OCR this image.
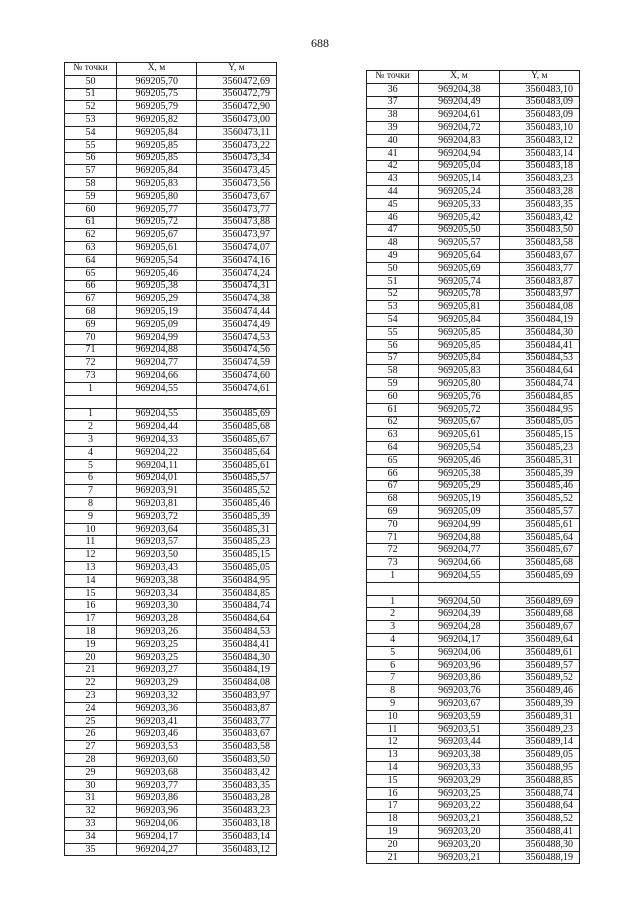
688
№ точки	X, м	Y, м
50	969205,70	3560472,69
51	969205,75	3560472,79
52	969205,79	3560472,90
53	969205,82	3560473,00
54	969205,84	3560473,11
55	969205,85	3560473,22
56	969205,85	3560473,34
57	969205,84	3560473,45
58	969205,83	3560473,56
59	969205,80	3560473,67
60	969205,77	3560473,77
61	969205,72	3560473,88
62	969205,67	3560473,97
63	969205,61	3560474,07
64	969205,54	3560474,16
65	969205,46	3560474,24
66	969205,38	3560474,31
67	969205,29	3560474,38
68	969205,19	3560474,44
69	969205,09	3560474,49
70	969204,99	3560474,53
71	969204,88	3560474,56
72	969204,77	3560474,59
73	969204,66	3560474,60
1	969204,55	3560474,61

1	969204,55	3560485,69
2	969204,44	3560485,68
3	969204,33	3560485,67
4	969204,22	3560485,64
5	969204,11	3560485,61
6	969204,01	3560485,57
7	969203,91	3560485,52
8	969203,81	3560485,46
9	969203,72	3560485,39
10	969203,64	3560485,31
11	969203,57	3560485,23
12	969203,50	3560485,15
13	969203,43	3560485,05
14	969203,38	3560484,95
15	969203,34	3560484,85
16	969203,30	3560484,74
17	969203,28	3560484,64
18	969203,26	3560484,53
19	969203,25	3560484,41
20	969203,25	3560484,30
21	969203,27	3560484,19
22	969203,29	3560484,08
23	969203,32	3560483,97
24	969203,36	3560483,87
25	969203,41	3560483,77
26	969203,46	3560483,67
27	969203,53	3560483,58
28	969203,60	3560483,50
29	969203,68	3560483,42
30	969203,77	3560483,35
31	969203,86	3560483,28
32	969203,96	3560483,23
33	969204,06	3560483,18
34	969204,17	3560483,14
35	969204,27	3560483,12
№ точки	X, м	Y, м
36	969204,38	3560483,10
37	969204,49	3560483,09
38	969204,61	3560483,09
39	969204,72	3560483,10
40	969204,83	3560483,12
41	969204,94	3560483,14
42	969205,04	3560483,18
43	969205,14	3560483,23
44	969205,24	3560483,28
45	969205,33	3560483,35
46	969205,42	3560483,42
47	969205,50	3560483,50
48	969205,57	3560483,58
49	969205,64	3560483,67
50	969205,69	3560483,77
51	969205,74	3560483,87
52	969205,78	3560483,97
53	969205,81	3560484,08
54	969205,84	3560484,19
55	969205,85	3560484,30
56	969205,85	3560484,41
57	969205,84	3560484,53
58	969205,83	3560484,64
59	969205,80	3560484,74
60	969205,76	3560484,85
61	969205,72	3560484,95
62	969205,67	3560485,05
63	969205,61	3560485,15
64	969205,54	3560485,23
65	969205,46	3560485,31
66	969205,38	3560485,39
67	969205,29	3560485,46
68	969205,19	3560485,52
69	969205,09	3560485,57
70	969204,99	3560485,61
71	969204,88	3560485,64
72	969204,77	3560485,67
73	969204,66	3560485,68
1	969204,55	3560485,69

1	969204,50	3560489,69
2	969204,39	3560489,68
3	969204,28	3560489,67
4	969204,17	3560489,64
5	969204,06	3560489,61
6	969203,96	3560489,57
7	969203,86	3560489,52
8	969203,76	3560489,46
9	969203,67	3560489,39
10	969203,59	3560489,31
11	969203,51	3560489,23
12	969203,44	3560489,14
13	969203,38	3560489,05
14	969203,33	3560488,95
15	969203,29	3560488,85
16	969203,25	3560488,74
17	969203,22	3560488,64
18	969203,21	3560488,52
19	969203,20	3560488,41
20	969203,20	3560488,30
21	969203,21	3560488,19
